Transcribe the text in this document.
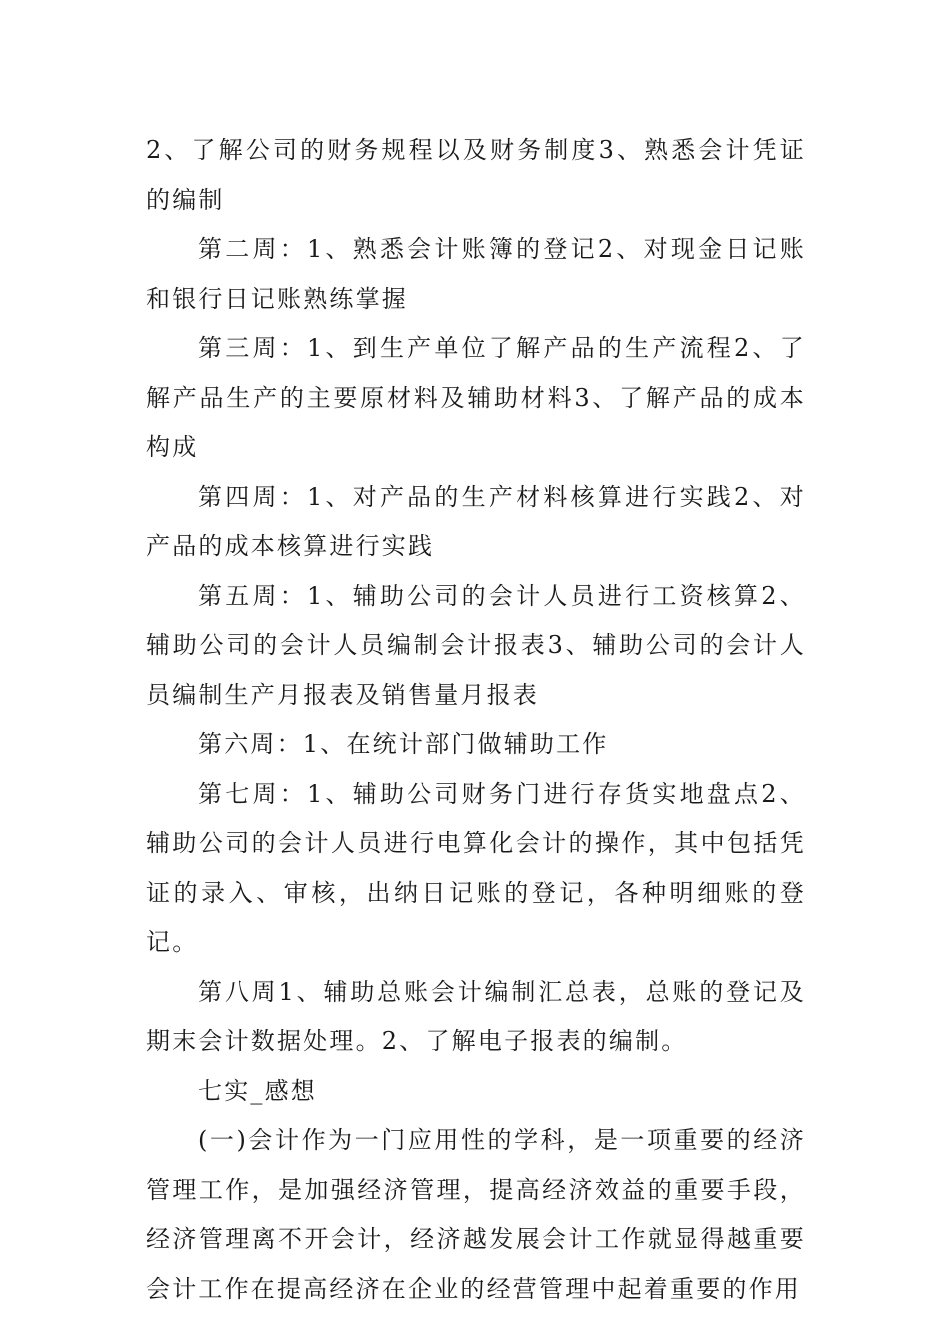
2、了解公司的财务规程以及财务制度3、熟悉会计凭证的编制

第二周：1、熟悉会计账簿的登记2、对现金日记账和银行日记账熟练掌握

第三周：1、到生产单位了解产品的生产流程2、了解产品生产的主要原材料及辅助材料3、了解产品的成本构成

第四周：1、对产品的生产材料核算进行实践2、对产品的成本核算进行实践

第五周：1、辅助公司的会计人员进行工资核算2、辅助公司的会计人员编制会计报表3、辅助公司的会计人员编制生产月报表及销售量月报表

第六周：1、在统计部门做辅助工作

第七周：1、辅助公司财务门进行存货实地盘点2、辅助公司的会计人员进行电算化会计的操作，其中包括凭证的录入、审核，出纳日记账的登记，各种明细账的登记。

第八周1、辅助总账会计编制汇总表，总账的登记及期末会计数据处理。2、了解电子报表的编制。

七实_感想

(一)会计作为一门应用性的学科，是一项重要的经济管理工作，是加强经济管理，提高经济效益的重要手段，经济管理离不开会计，经济越发展会计工作就显得越重要会计工作在提高经济在企业的经营管理中起着重要的作用
